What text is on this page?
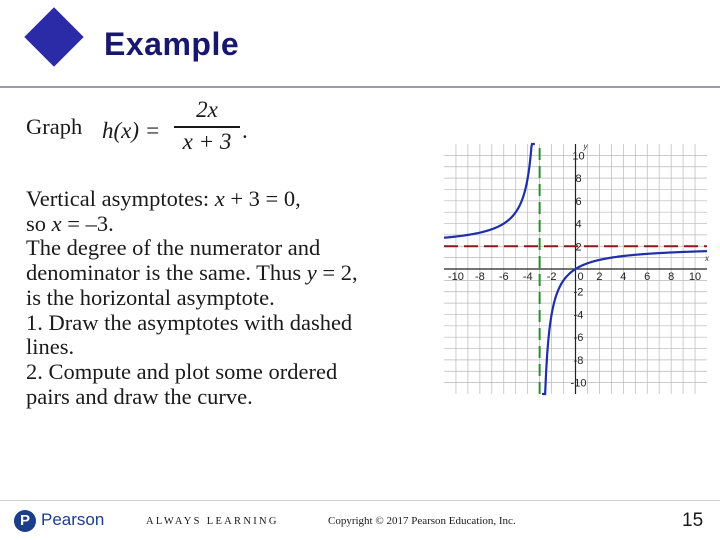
Example
Graph h(x) =
2x
x + 3 .
Vertical asymptotes: x + 3 = 0,
so x = –3.
The degree of the numerator and
denominator is the same. Thus y = 2,
is the horizontal asymptote.
1. Draw the asymptotes with dashed
lines.
2. Compute and plot some ordered
pairs and draw the curve.
x
y
-10 -8 -6 -4 -2 0 2 4 6 8 10
-10
-8
-6
-4
-2
2
4
6
8
10
P Pearson	ALWAYS LEARNING	Copyright © 2017 Pearson Education, Inc.	15
